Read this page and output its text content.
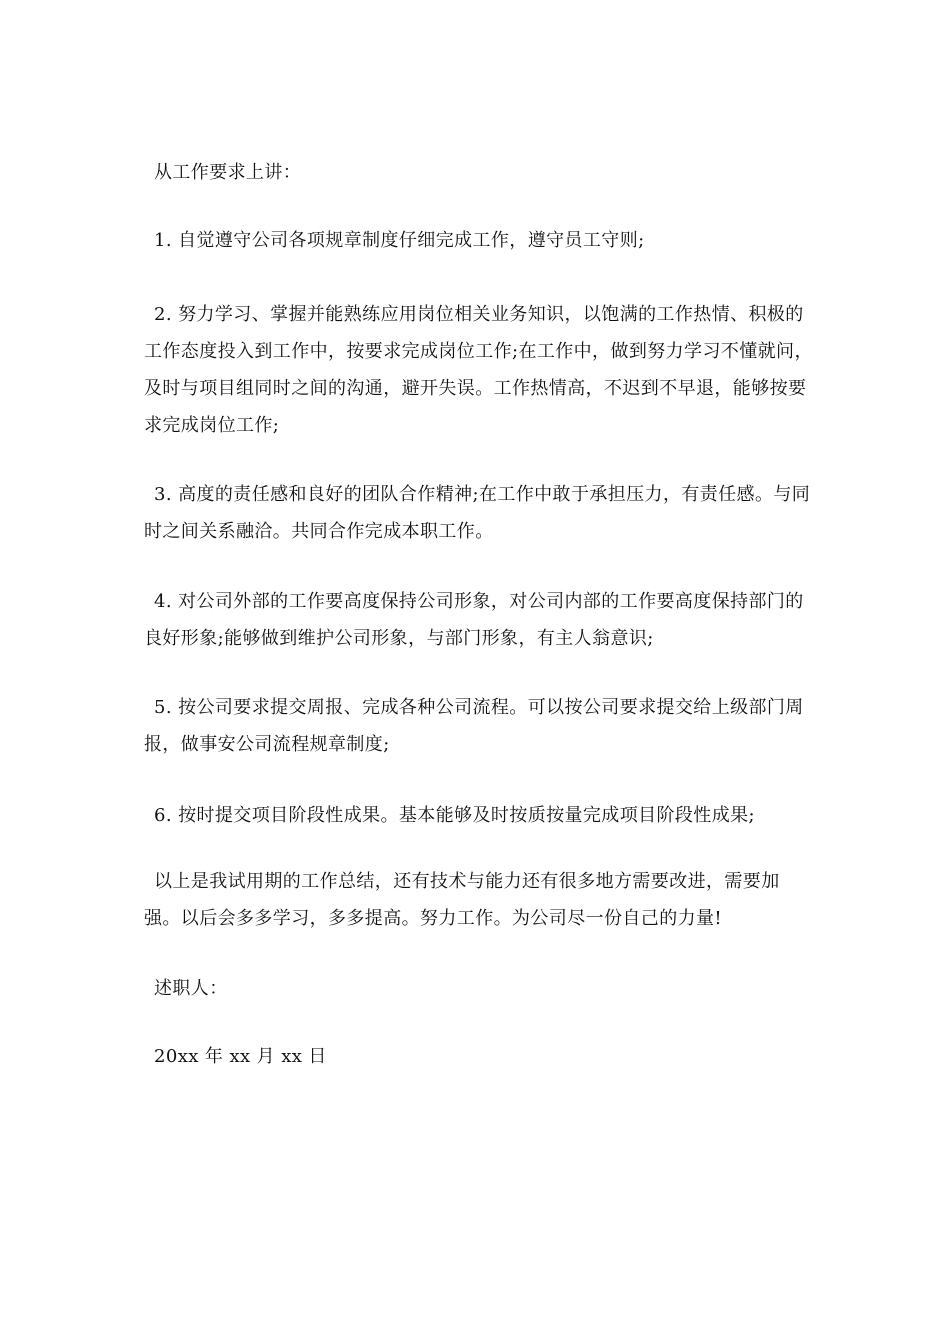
从工作要求上讲：

1. 自觉遵守公司各项规章制度仔细完成工作，遵守员工守则;

2. 努力学习、掌握并能熟练应用岗位相关业务知识，以饱满的工作热情、积极的工作态度投入到工作中，按要求完成岗位工作;在工作中，做到努力学习不懂就问，及时与项目组同时之间的沟通，避开失误。工作热情高，不迟到不早退，能够按要求完成岗位工作;

3. 高度的责任感和良好的团队合作精神;在工作中敢于承担压力，有责任感。与同时之间关系融洽。共同合作完成本职工作。

4. 对公司外部的工作要高度保持公司形象，对公司内部的工作要高度保持部门的良好形象;能够做到维护公司形象，与部门形象，有主人翁意识;

5. 按公司要求提交周报、完成各种公司流程。可以按公司要求提交给上级部门周报，做事安公司流程规章制度;

6. 按时提交项目阶段性成果。基本能够及时按质按量完成项目阶段性成果;

以上是我试用期的工作总结，还有技术与能力还有很多地方需要改进，需要加强。以后会多多学习，多多提高。努力工作。为公司尽一份自己的力量!

述职人：

20xx 年 xx 月 xx 日
